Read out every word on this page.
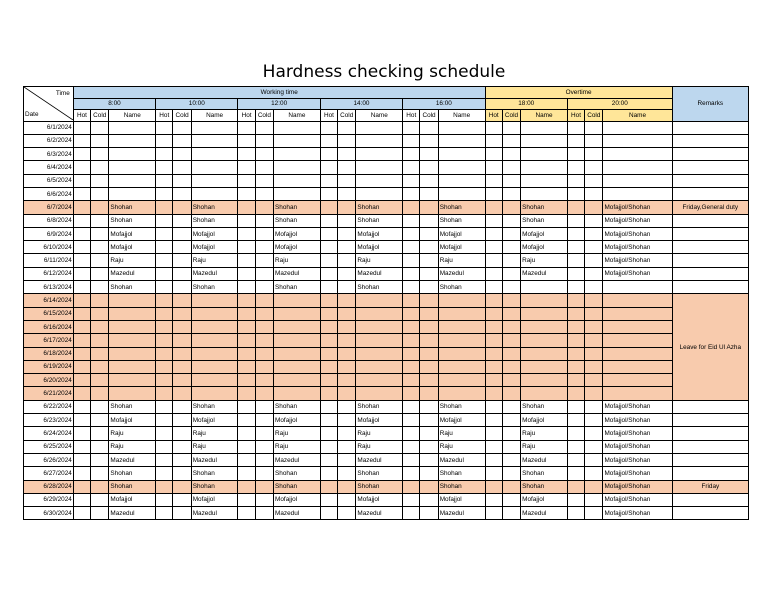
Hardness checking schedule
Time
Date	Working time															Overtime						Remarks
	8:00			10:00			12:00			14:00			16:00			18:00			20:00			
	Hot	Cold	Name	Hot	Cold	Name	Hot	Cold	Name	Hot	Cold	Name	Hot	Cold	Name	Hot	Cold	Name	Hot	Cold	Name	
6/1/2024																						
6/2/2024																						
6/3/2024																						
6/4/2024																						
6/5/2024																						
6/6/2024																						
6/7/2024			Shohan			Shohan			Shohan			Shohan			Shohan			Shohan			Mofajjol/Shohan	Friday,General duty
6/8/2024			Shohan			Shohan			Shohan			Shohan			Shohan			Shohan			Mofajjol/Shohan	
6/9/2024			Mofajjol			Mofajjol			Mofajjol			Mofajjol			Mofajjol			Mofajjol			Mofajjol/Shohan	
6/10/2024			Mofajjol			Mofajjol			Mofajjol			Mofajjol			Mofajjol			Mofajjol			Mofajjol/Shohan	
6/11/2024			Raju			Raju			Raju			Raju			Raju			Raju			Mofajjol/Shohan	
6/12/2024			Mazedul			Mazedul			Mazedul			Mazedul			Mazedul			Mazedul			Mofajjol/Shohan	
6/13/2024			Shohan			Shohan			Shohan			Shohan			Shohan							
6/14/2024																						Leave for Eid Ul Azha
6/15/2024																						
6/16/2024																						
6/17/2024																						
6/18/2024																						
6/19/2024																						
6/20/2024																						
6/21/2024																						
6/22/2024			Shohan			Shohan			Shohan			Shohan			Shohan			Shohan			Mofajjol/Shohan	
6/23/2024			Mofajjol			Mofajjol			Mofajjol			Mofajjol			Mofajjol			Mofajjol			Mofajjol/Shohan	
6/24/2024			Raju			Raju			Raju			Raju			Raju			Raju			Mofajjol/Shohan	
6/25/2024			Raju			Raju			Raju			Raju			Raju			Raju			Mofajjol/Shohan	
6/26/2024			Mazedul			Mazedul			Mazedul			Mazedul			Mazedul			Mazedul			Mofajjol/Shohan	
6/27/2024			Shohan			Shohan			Shohan			Shohan			Shohan			Shohan			Mofajjol/Shohan	
6/28/2024			Shohan			Shohan			Shohan			Shohan			Shohan			Shohan			Mofajjol/Shohan	Friday
6/29/2024			Mofajjol			Mofajjol			Mofajjol			Mofajjol			Mofajjol			Mofajjol			Mofajjol/Shohan	
6/30/2024			Mazedul			Mazedul			Mazedul			Mazedul			Mazedul			Mazedul			Mofajjol/Shohan	
